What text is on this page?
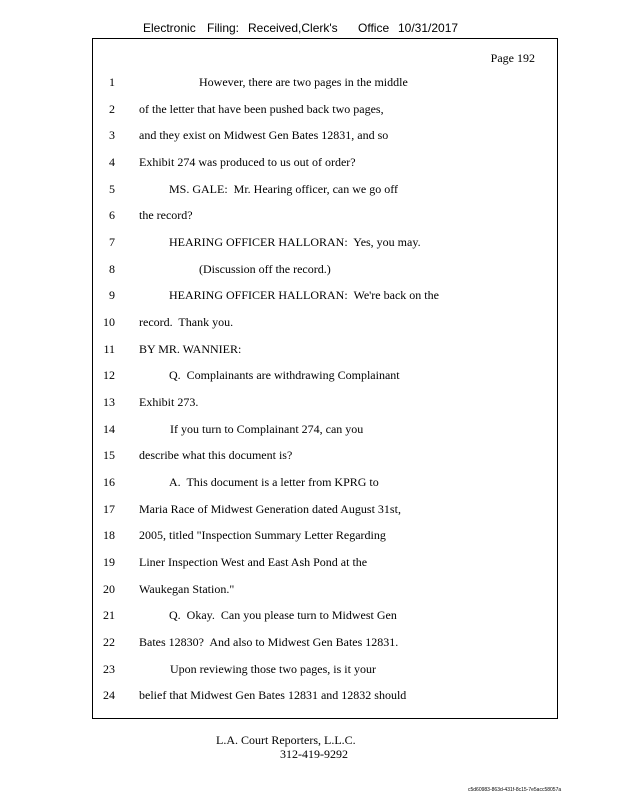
Electronic Filing: Received,Clerk's Office 10/31/2017
Page 192
1	However, there are two pages in the middle
2 of the letter that have been pushed back two pages,
3 and they exist on Midwest Gen Bates 12831, and so
4 Exhibit 274 was produced to us out of order?
5	MS. GALE:  Mr. Hearing officer, can we go off
6 the record?
7	HEARING OFFICER HALLORAN:  Yes, you may.
8	(Discussion off the record.)
9	HEARING OFFICER HALLORAN:  We're back on the
10 record.  Thank you.
11 BY MR. WANNIER:
12	Q.  Complainants are withdrawing Complainant
13 Exhibit 273.
14	If you turn to Complainant 274, can you
15 describe what this document is?
16	A.  This document is a letter from KPRG to
17 Maria Race of Midwest Generation dated August 31st,
18 2005, titled "Inspection Summary Letter Regarding
19 Liner Inspection West and East Ash Pond at the
20 Waukegan Station."
21	Q.  Okay.  Can you please turn to Midwest Gen
22 Bates 12830?  And also to Midwest Gen Bates 12831.
23	Upon reviewing those two pages, is it your
24 belief that Midwest Gen Bates 12831 and 12832 should
L.A. Court Reporters, L.L.C.
312-419-9292
c5d60983-863d-431f-8c15-7e5acc58057a
